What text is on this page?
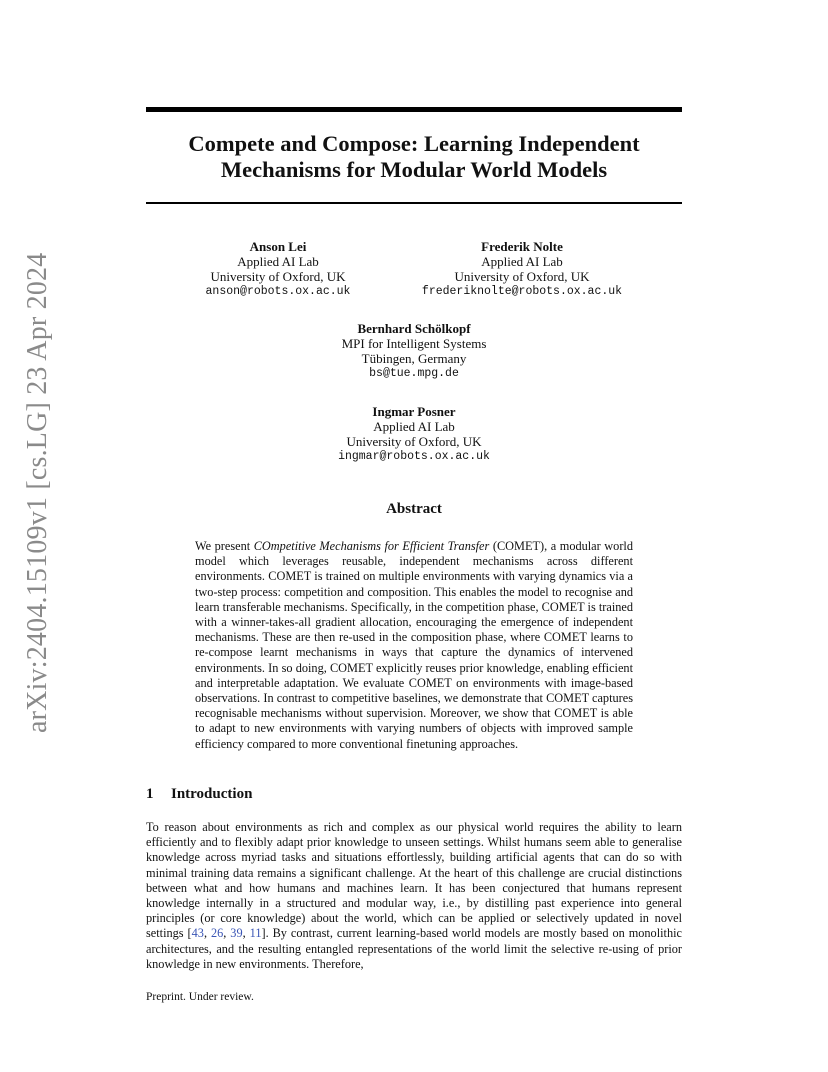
arXiv:2404.15109v1 [cs.LG] 23 Apr 2024
Compete and Compose: Learning Independent
Mechanisms for Modular World Models
Anson Lei
Applied AI Lab
University of Oxford, UK
anson@robots.ox.ac.uk
Frederik Nolte
Applied AI Lab
University of Oxford, UK
frederiknolte@robots.ox.ac.uk
Bernhard Schölkopf
MPI for Intelligent Systems
Tübingen, Germany
bs@tue.mpg.de
Ingmar Posner
Applied AI Lab
University of Oxford, UK
ingmar@robots.ox.ac.uk
Abstract
We present COmpetitive Mechanisms for Efficient Transfer (COMET), a modular world model which leverages reusable, independent mechanisms across different environments. COMET is trained on multiple environments with varying dynamics via a two-step process: competition and composition. This enables the model to recognise and learn transferable mechanisms. Specifically, in the competition phase, COMET is trained with a winner-takes-all gradient allocation, encouraging the emergence of independent mechanisms. These are then re-used in the composition phase, where COMET learns to re-compose learnt mechanisms in ways that capture the dynamics of intervened environments. In so doing, COMET explicitly reuses prior knowledge, enabling efficient and interpretable adaptation. We evaluate COMET on environments with image-based observations. In contrast to competitive baselines, we demonstrate that COMET captures recognisable mechanisms without supervision. Moreover, we show that COMET is able to adapt to new environments with varying numbers of objects with improved sample efficiency compared to more conventional finetuning approaches.
1 Introduction
To reason about environments as rich and complex as our physical world requires the ability to learn efficiently and to flexibly adapt prior knowledge to unseen settings. Whilst humans seem able to generalise knowledge across myriad tasks and situations effortlessly, building artificial agents that can do so with minimal training data remains a significant challenge. At the heart of this challenge are crucial distinctions between what and how humans and machines learn. It has been conjectured that humans represent knowledge internally in a structured and modular way, i.e., by distilling past experience into general principles (or core knowledge) about the world, which can be applied or selectively updated in novel settings [43, 26, 39, 11]. By contrast, current learning-based world models are mostly based on monolithic architectures, and the resulting entangled representations of the world limit the selective re-using of prior knowledge in new environments. Therefore,
Preprint. Under review.
